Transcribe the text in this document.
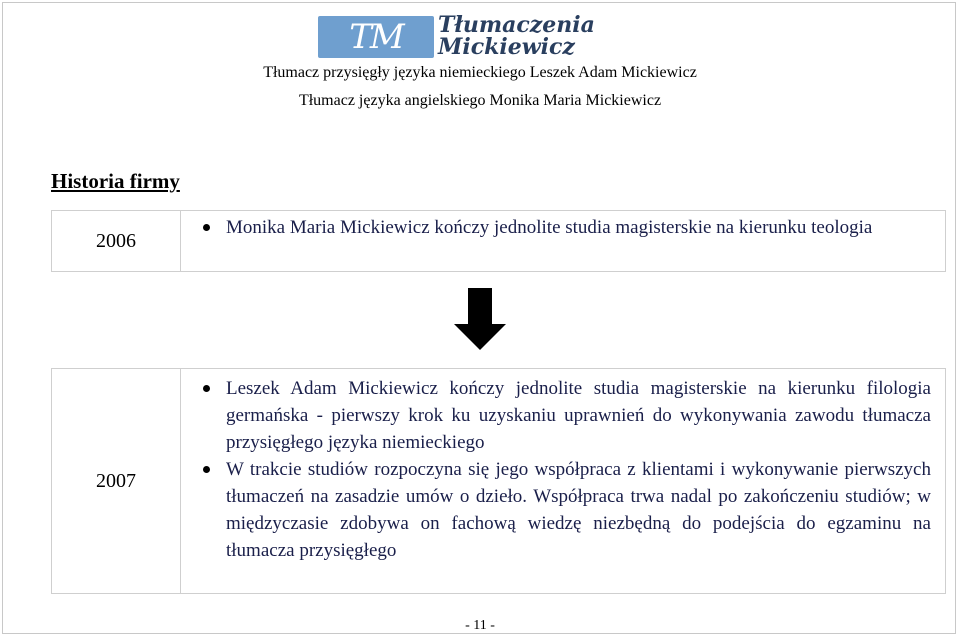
TM Tłumaczenia
Mickiewicz
Tłumacz przysięgły języka niemieckiego Leszek Adam Mickiewicz
Tłumacz języka angielskiego Monika Maria Mickiewicz
Historia firmy
2006
Monika Maria Mickiewicz kończy jednolite studia magisterskie na kierunku teologia
2007
Leszek Adam Mickiewicz kończy jednolite studia magisterskie na kierunku filologia germańska - pierwszy krok ku uzyskaniu uprawnień do wykonywania zawodu tłumacza przysięgłego języka niemieckiego
W trakcie studiów rozpoczyna się jego współpraca z klientami i wykonywanie pierwszych tłumaczeń na zasadzie umów o dzieło. Współpraca trwa nadal po zakończeniu studiów; w międzyczasie zdobywa on fachową wiedzę niezbędną do podejścia do egzaminu na tłumacza przysięgłego
- 11 -
